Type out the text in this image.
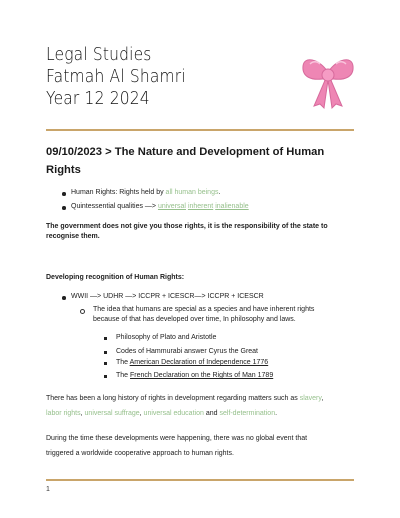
Legal Studies
Fatmah Al Shamri
Year 12 2024
09/10/2023 > The Nature and Development of Human
Rights
Human Rights: Rights held by all human beings.
Quintessential qualities —> universal inherent inalienable
The government does not give you those rights, it is the responsibility of the state to
recognise them.
Developing recognition of Human Rights:
WWII —> UDHR —> ICCPR + ICESCR—> ICCPR + ICESCR
The idea that humans are special as a species and have inherent rights
because of that has developed over time, In philosophy and laws.
Philosophy of Plato and Aristotle
Codes of Hammurabi answer Cyrus the Great
The American Declaration of Independence 1776
The French Declaration on the Rights of Man 1789
There has been a long history of rights in development regarding matters such as slavery,
labor rights, universal suffrage, universal education and self-determination.
During the time these developments were happening, there was no global event that
triggered a worldwide cooperative approach to human rights.
1
